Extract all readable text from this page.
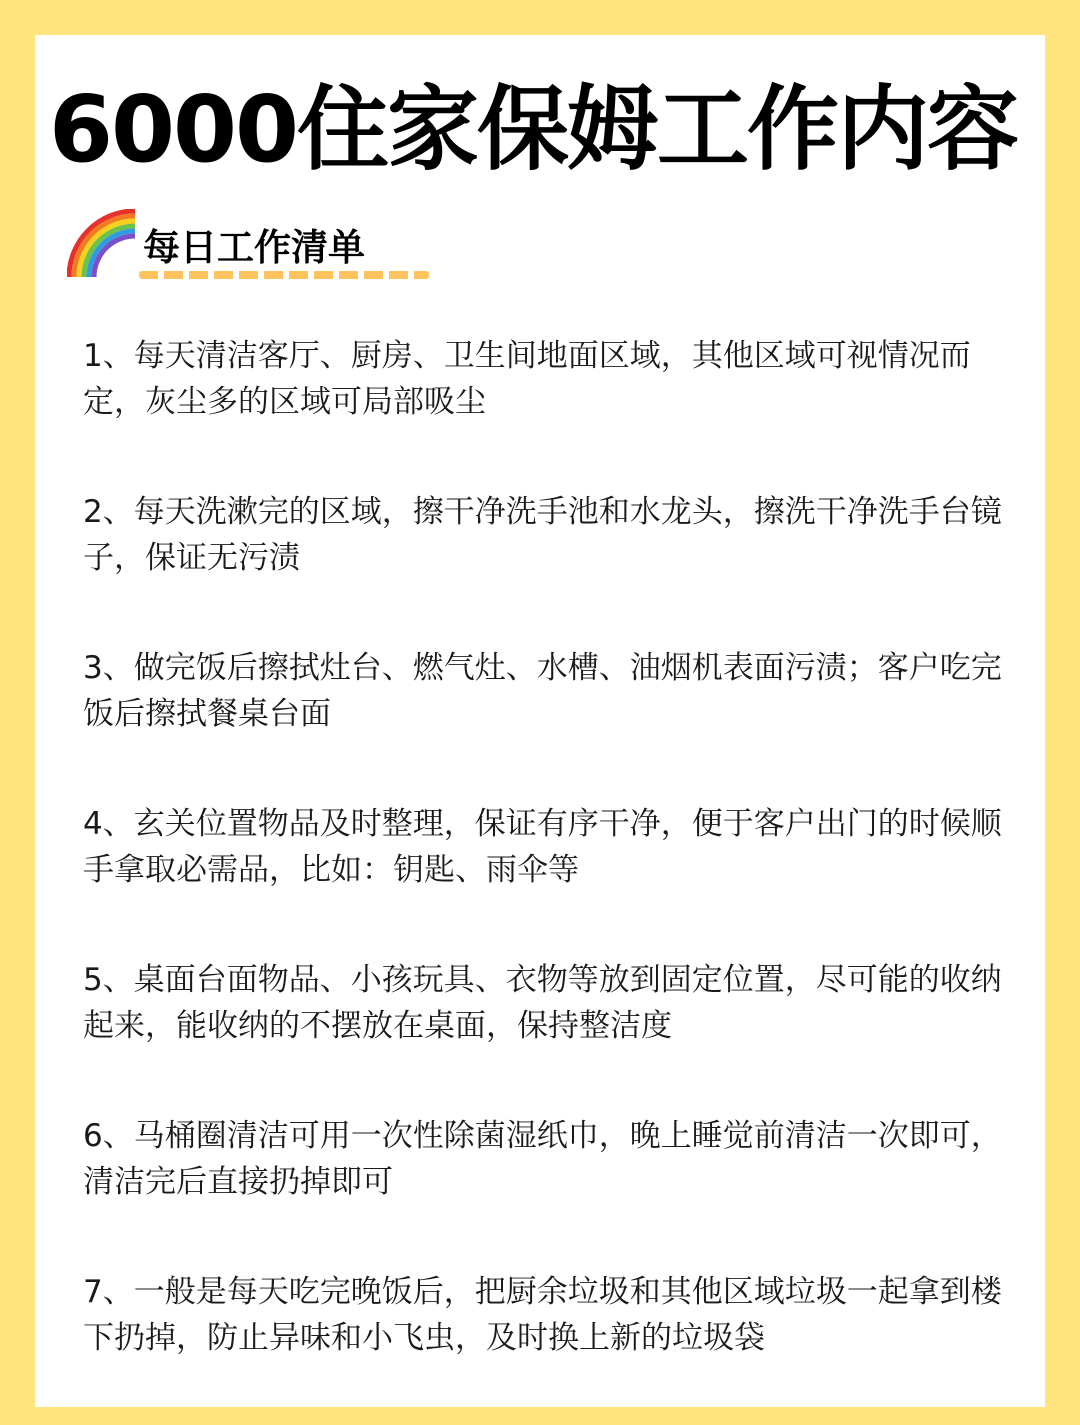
6000住家保姆工作内容
每日工作清单

1、每天清洁客厅、厨房、卫生间地面区域，其他区域可视情况而定，灰尘多的区域可局部吸尘

2、每天洗漱完的区域，擦干净洗手池和水龙头，擦洗干净洗手台镜子，保证无污渍

3、做完饭后擦拭灶台、燃气灶、水槽、油烟机表面污渍；客户吃完饭后擦拭餐桌台面

4、玄关位置物品及时整理，保证有序干净，便于客户出门的时候顺手拿取必需品，比如：钥匙、雨伞等

5、桌面台面物品、小孩玩具、衣物等放到固定位置，尽可能的收纳起来，能收纳的不摆放在桌面，保持整洁度

6、马桶圈清洁可用一次性除菌湿纸巾，晚上睡觉前清洁一次即可，清洁完后直接扔掉即可

7、一般是每天吃完晚饭后，把厨余垃圾和其他区域垃圾一起拿到楼下扔掉，防止异味和小飞虫，及时换上新的垃圾袋
